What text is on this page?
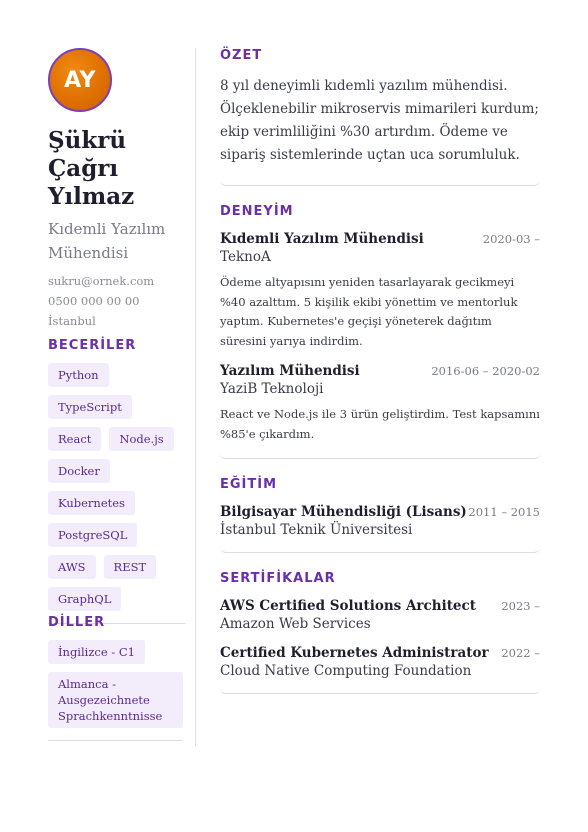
AY
Şükrü Çağrı Yılmaz
Kıdemli Yazılım Mühendisi
sukru@ornek.com
0500 000 00 00
İstanbul
BECERİLER
Python
TypeScript
React	Node.js
Docker
Kubernetes
PostgreSQL
AWS	REST
GraphQL
DİLLER
İngilizce - C1
Almanca - Ausgezeichnete Sprachkenntnisse
ÖZET
8 yıl deneyimli kıdemli yazılım mühendisi. Ölçeklenebilir mikroservis mimarileri kurdum; ekip verimliliğini %30 artırdım. Ödeme ve sipariş sistemlerinde uçtan uca sorumluluk.
DENEYİM
Kıdemli Yazılım Mühendisi	2020-03 –
TeknoA
Ödeme altyapısını yeniden tasarlayarak gecikmeyi %40 azalttım. 5 kişilik ekibi yönettim ve mentorluk yaptım. Kubernetes'e geçişi yöneterek dağıtım süresini yarıya indirdim.
Yazılım Mühendisi	2016-06 – 2020-02
YaziB Teknoloji
React ve Node.js ile 3 ürün geliştirdim. Test kapsamını %85'e çıkardım.
EĞİTİM
Bilgisayar Mühendisliği (Lisans) 2011 – 2015
İstanbul Teknik Üniversitesi
SERTİFİKALAR
AWS Certified Solutions Architect 2023 –
Amazon Web Services
Certified Kubernetes Administrator 2022 –
Cloud Native Computing Foundation
